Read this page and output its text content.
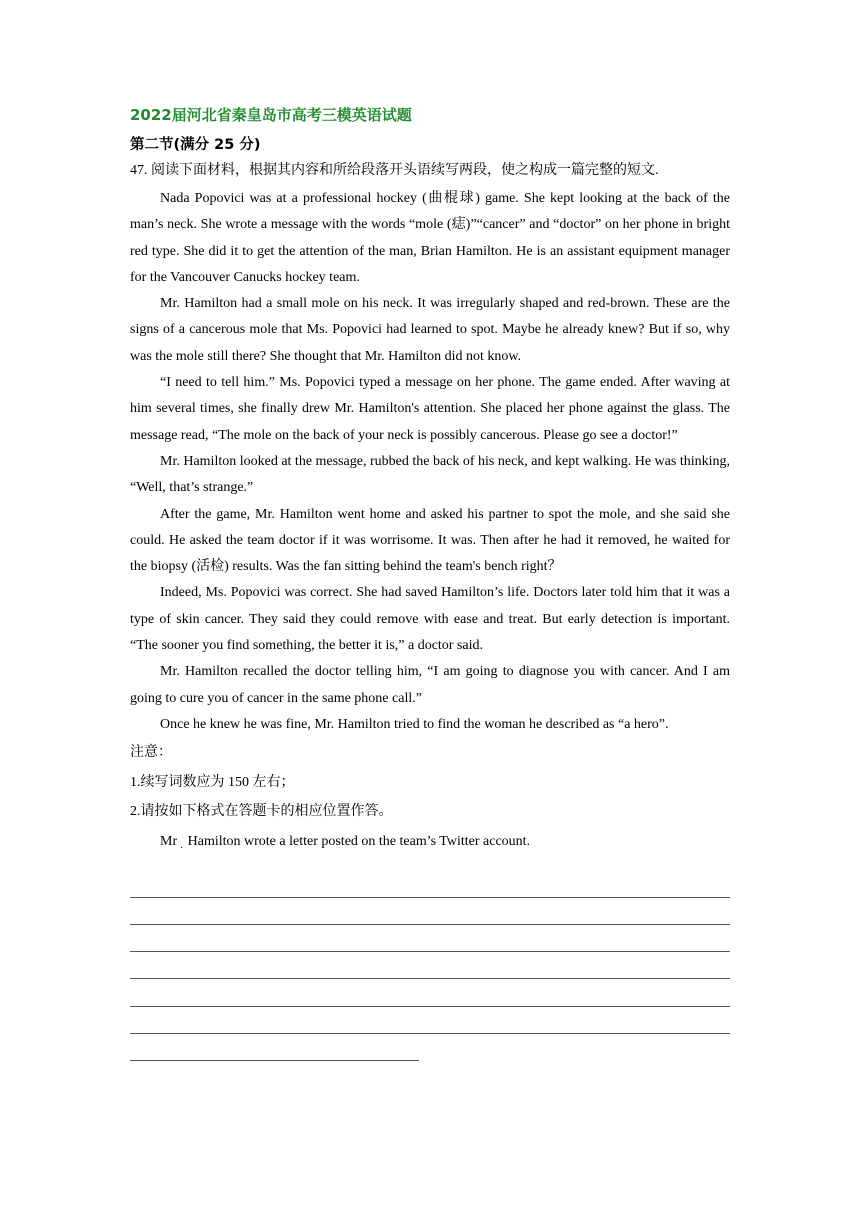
2022届河北省秦皇岛市高考三模英语试题
第二节(满分 25 分)
47. 阅读下面材料，根据其内容和所给段落开头语续写两段，使之构成一篇完整的短文.

Nada Popovici was at a professional hockey (曲棍球) game. She kept looking at the back of the man’s neck. She wrote a message with the words “mole (痣)”“cancer” and “doctor” on her phone in bright red type. She did it to get the attention of the man, Brian Hamilton. He is an assistant equipment manager for the Vancouver Canucks hockey team.

Mr. Hamilton had a small mole on his neck. It was irregularly shaped and red-brown. These are the signs of a cancerous mole that Ms. Popovici had learned to spot. Maybe he already knew? But if so, why was the mole still there? She thought that Mr. Hamilton did not know.

“I need to tell him.” Ms. Popovici typed a message on her phone. The game ended. After waving at him several times, she finally drew Mr. Hamilton's attention. She placed her phone against the glass. The message read, “The mole on the back of your neck is possibly cancerous. Please go see a doctor!”

Mr. Hamilton looked at the message, rubbed the back of his neck, and kept walking. He was thinking, “Well, that’s strange.”

After the game, Mr. Hamilton went home and asked his partner to spot the mole, and she said she could. He asked the team doctor if it was worrisome. It was. Then after he had it removed, he waited for the biopsy (活检) results. Was the fan sitting behind the team's bench right？

Indeed, Ms. Popovici was correct. She had saved Hamilton’s life. Doctors later told him that it was a type of skin cancer. They said they could remove with ease and treat. But early detection is important. “The sooner you find something, the better it is,” a doctor said.

Mr. Hamilton recalled the doctor telling him, “I am going to diagnose you with cancer. And I am going to cure you of cancer in the same phone call.”

Once he knew he was fine, Mr. Hamilton tried to find the woman he described as “a hero”.

注意：
1.续写词数应为 150 左右；
2.请按如下格式在答题卡的相应位置作答。
Mr · Hamilton wrote a letter posted on the team’s Twitter account.
